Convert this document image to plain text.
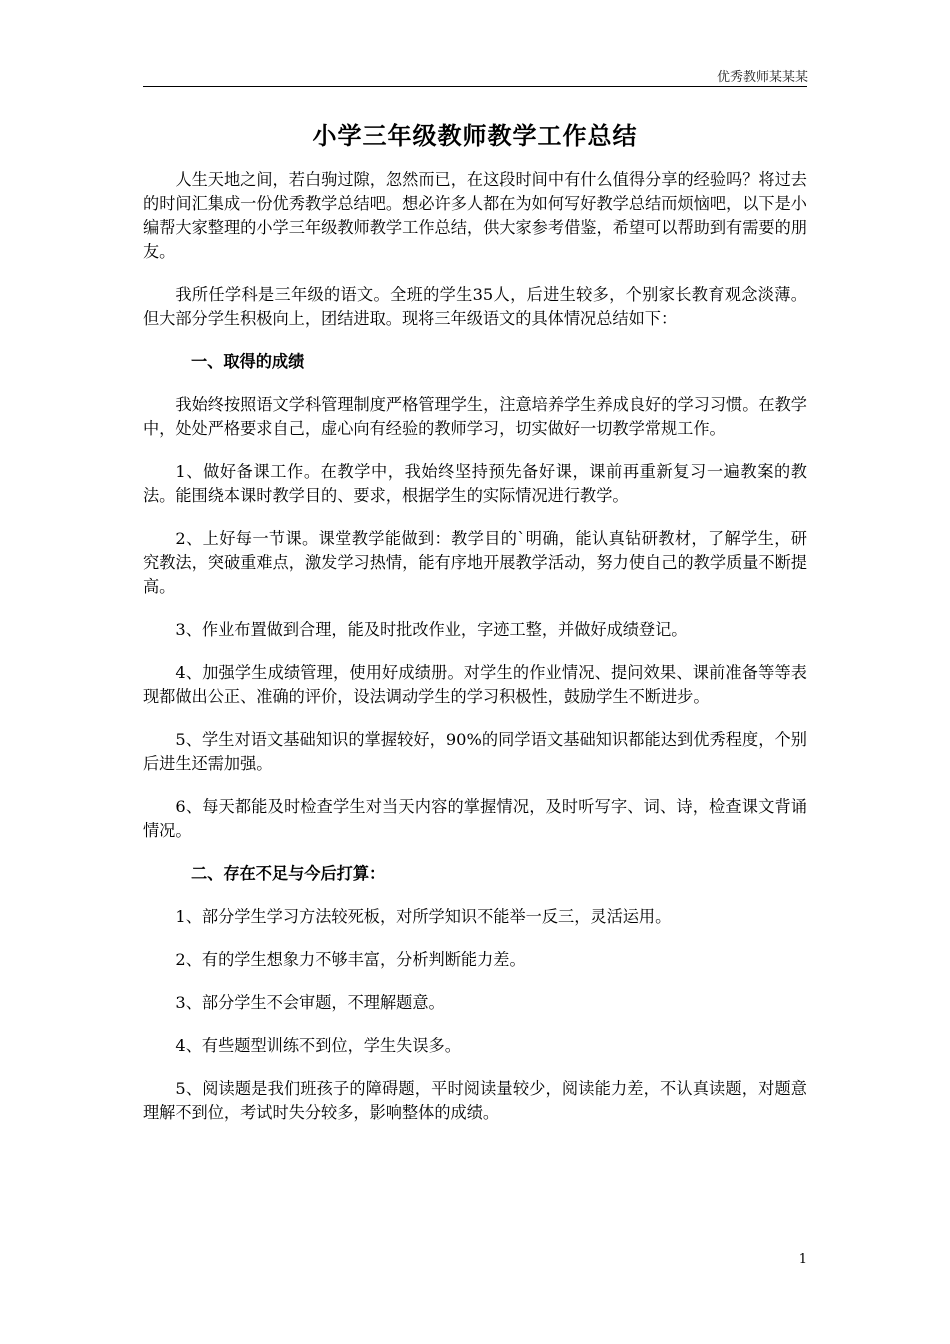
优秀教师某某某
小学三年级教师教学工作总结

人生天地之间，若白驹过隙，忽然而已，在这段时间中有什么值得分享的经验吗？将过去的时间汇集成一份优秀教学总结吧。想必许多人都在为如何写好教学总结而烦恼吧，以下是小编帮大家整理的小学三年级教师教学工作总结，供大家参考借鉴，希望可以帮助到有需要的朋友。

我所任学科是三年级的语文。全班的学生35人，后进生较多，个别家长教育观念淡薄。但大部分学生积极向上，团结进取。现将三年级语文的具体情况总结如下：

一、取得的成绩

我始终按照语文学科管理制度严格管理学生，注意培养学生养成良好的学习习惯。在教学中，处处严格要求自己，虚心向有经验的教师学习，切实做好一切教学常规工作。

1、做好备课工作。在教学中，我始终坚持预先备好课，课前再重新复习一遍教案的教法。能围绕本课时教学目的、要求，根据学生的实际情况进行教学。

2、上好每一节课。课堂教学能做到：教学目的`明确，能认真钻研教材，了解学生，研究教法，突破重难点，激发学习热情，能有序地开展教学活动，努力使自己的教学质量不断提高。

3、作业布置做到合理，能及时批改作业，字迹工整，并做好成绩登记。

4、加强学生成绩管理，使用好成绩册。对学生的作业情况、提问效果、课前准备等等表现都做出公正、准确的评价，设法调动学生的学习积极性，鼓励学生不断进步。

5、学生对语文基础知识的掌握较好，90%的同学语文基础知识都能达到优秀程度，个别后进生还需加强。

6、每天都能及时检查学生对当天内容的掌握情况，及时听写字、词、诗，检查课文背诵情况。

二、存在不足与今后打算：

1、部分学生学习方法较死板，对所学知识不能举一反三，灵活运用。

2、有的学生想象力不够丰富，分析判断能力差。

3、部分学生不会审题，不理解题意。

4、有些题型训练不到位，学生失误多。

5、阅读题是我们班孩子的障碍题，平时阅读量较少，阅读能力差，不认真读题，对题意理解不到位，考试时失分较多，影响整体的成绩。

1
